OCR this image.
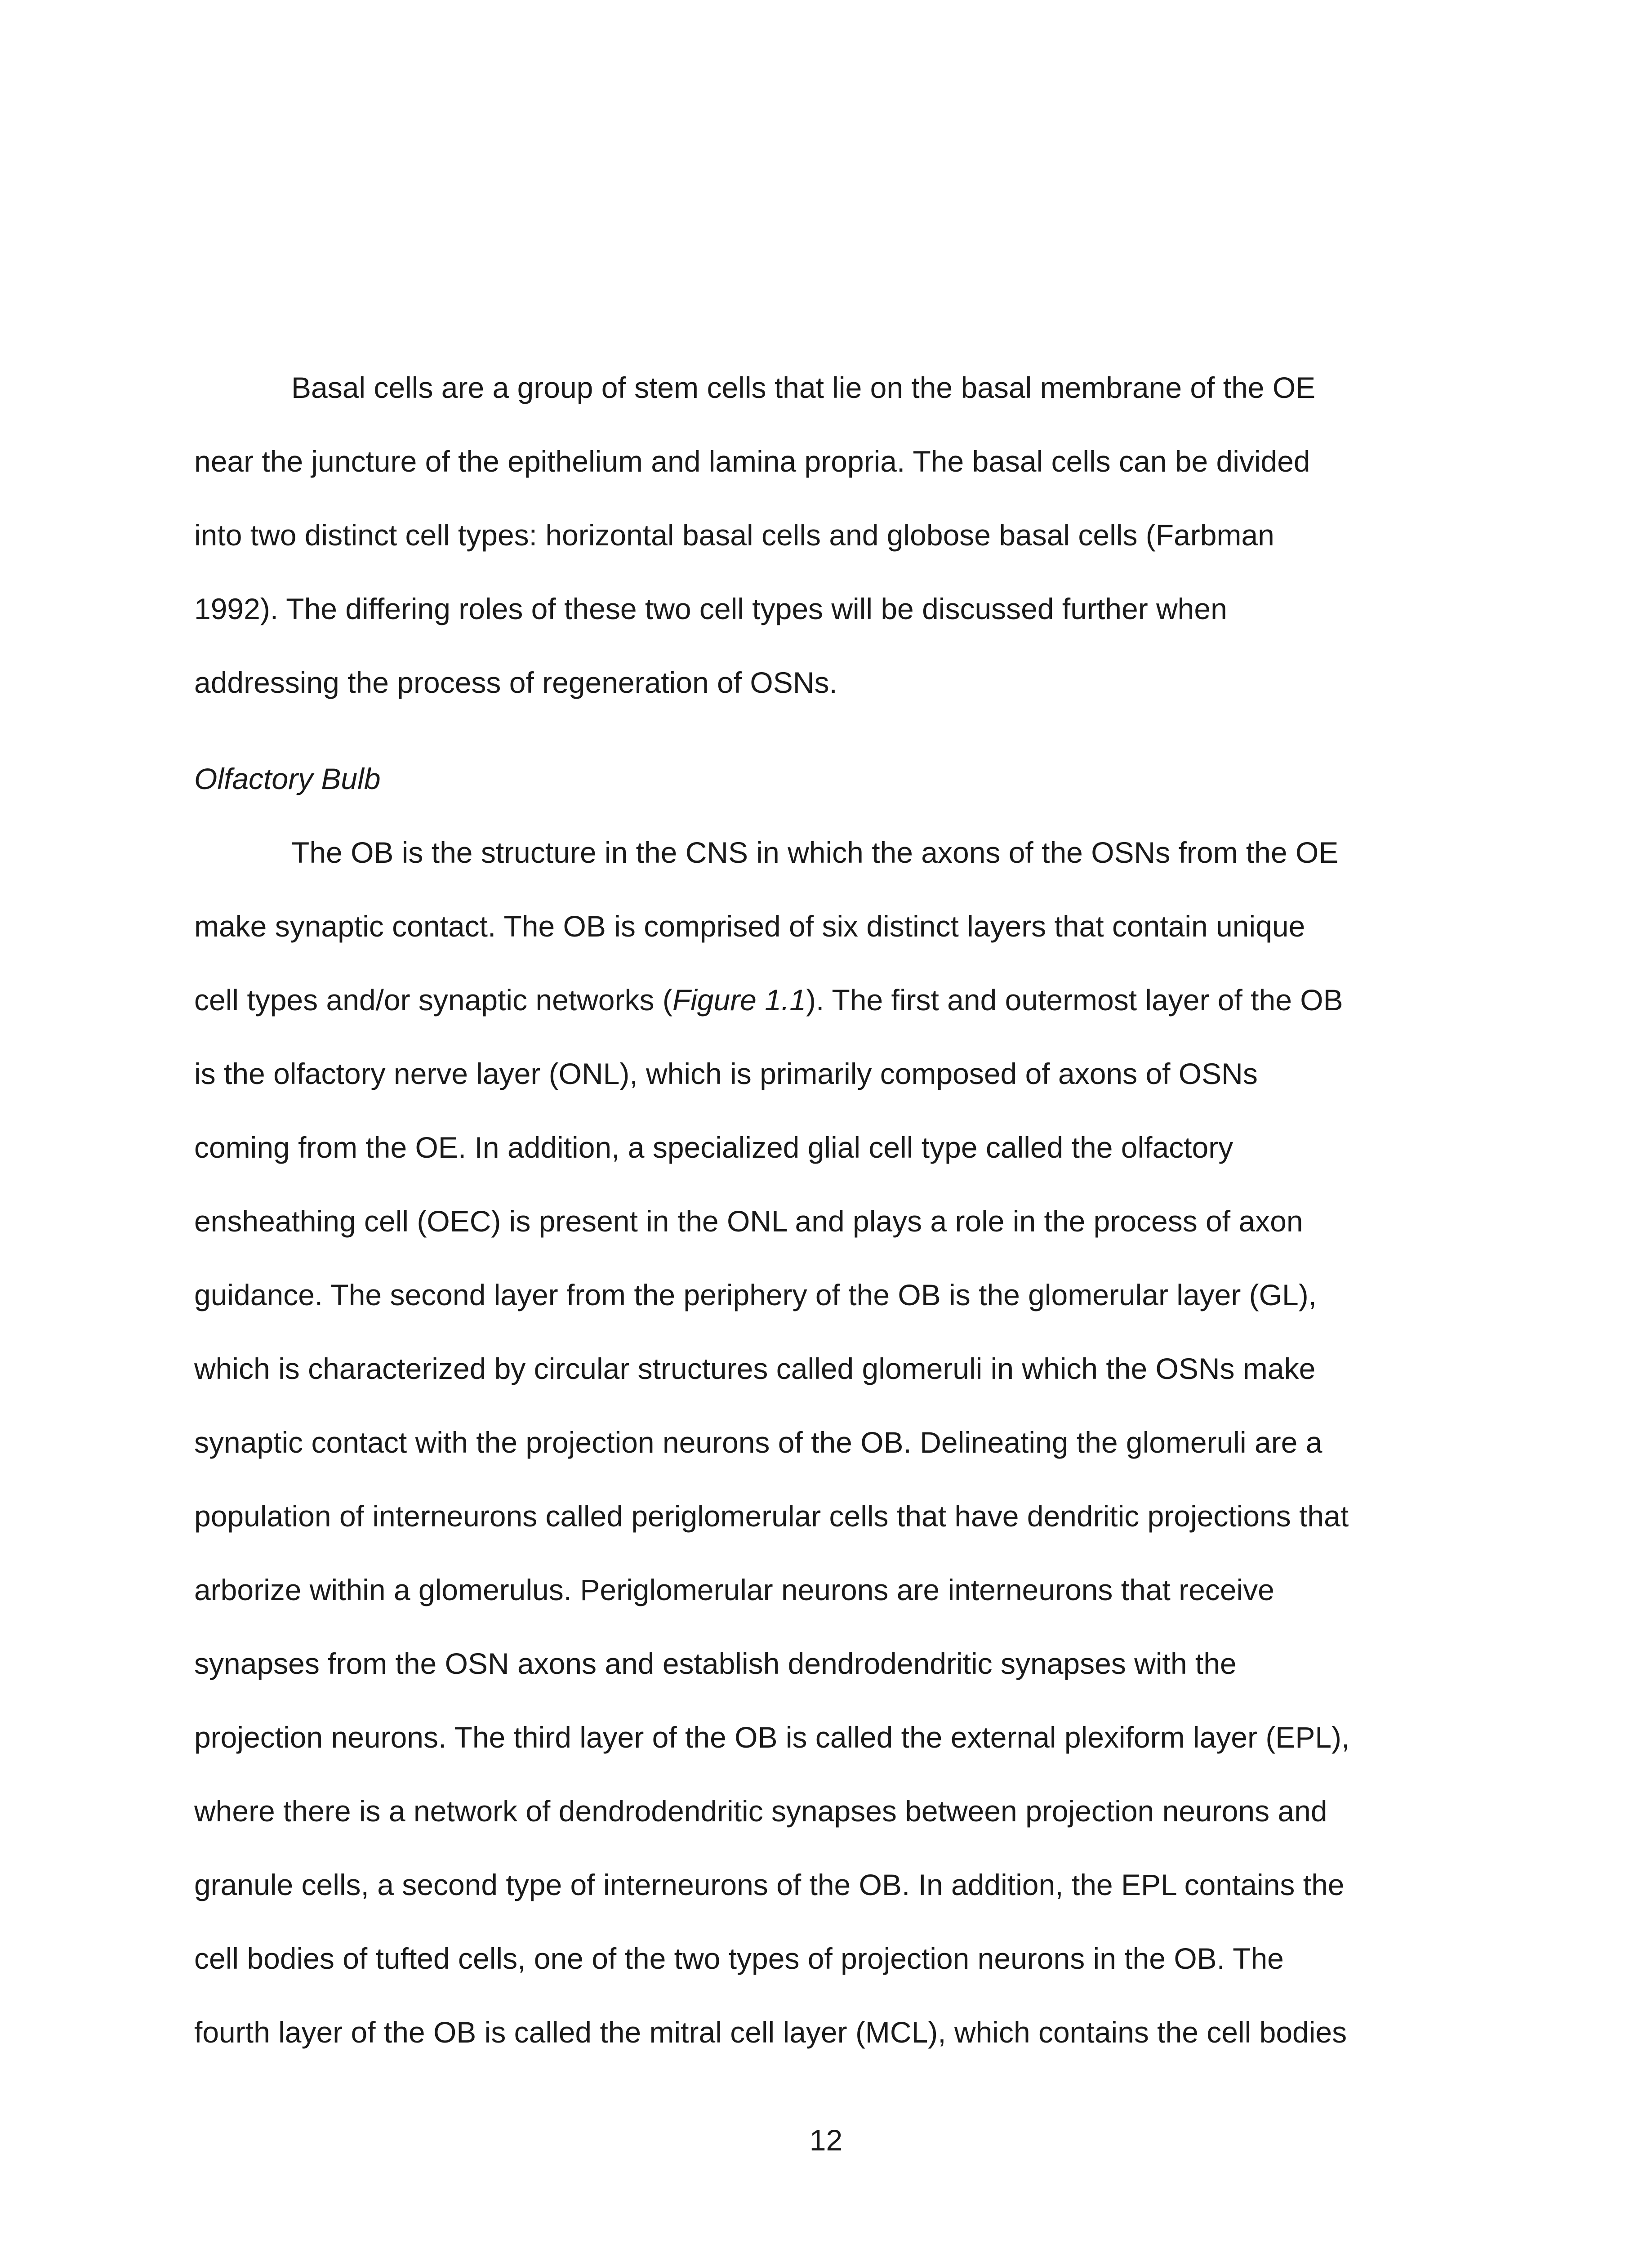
Basal cells are a group of stem cells that lie on the basal membrane of the OE
near the juncture of the epithelium and lamina propria. The basal cells can be divided
into two distinct cell types: horizontal basal cells and globose basal cells (Farbman
1992). The differing roles of these two cell types will be discussed further when
addressing the process of regeneration of OSNs.
Olfactory Bulb
The OB is the structure in the CNS in which the axons of the OSNs from the OE
make synaptic contact. The OB is comprised of six distinct layers that contain unique
cell types and/or synaptic networks (Figure 1.1). The first and outermost layer of the OB
is the olfactory nerve layer (ONL), which is primarily composed of axons of OSNs
coming from the OE. In addition, a specialized glial cell type called the olfactory
ensheathing cell (OEC) is present in the ONL and plays a role in the process of axon
guidance. The second layer from the periphery of the OB is the glomerular layer (GL),
which is characterized by circular structures called glomeruli in which the OSNs make
synaptic contact with the projection neurons of the OB. Delineating the glomeruli are a
population of interneurons called periglomerular cells that have dendritic projections that
arborize within a glomerulus. Periglomerular neurons are interneurons that receive
synapses from the OSN axons and establish dendrodendritic synapses with the
projection neurons. The third layer of the OB is called the external plexiform layer (EPL),
where there is a network of dendrodendritic synapses between projection neurons and
granule cells, a second type of interneurons of the OB. In addition, the EPL contains the
cell bodies of tufted cells, one of the two types of projection neurons in the OB. The
fourth layer of the OB is called the mitral cell layer (MCL), which contains the cell bodies
12
